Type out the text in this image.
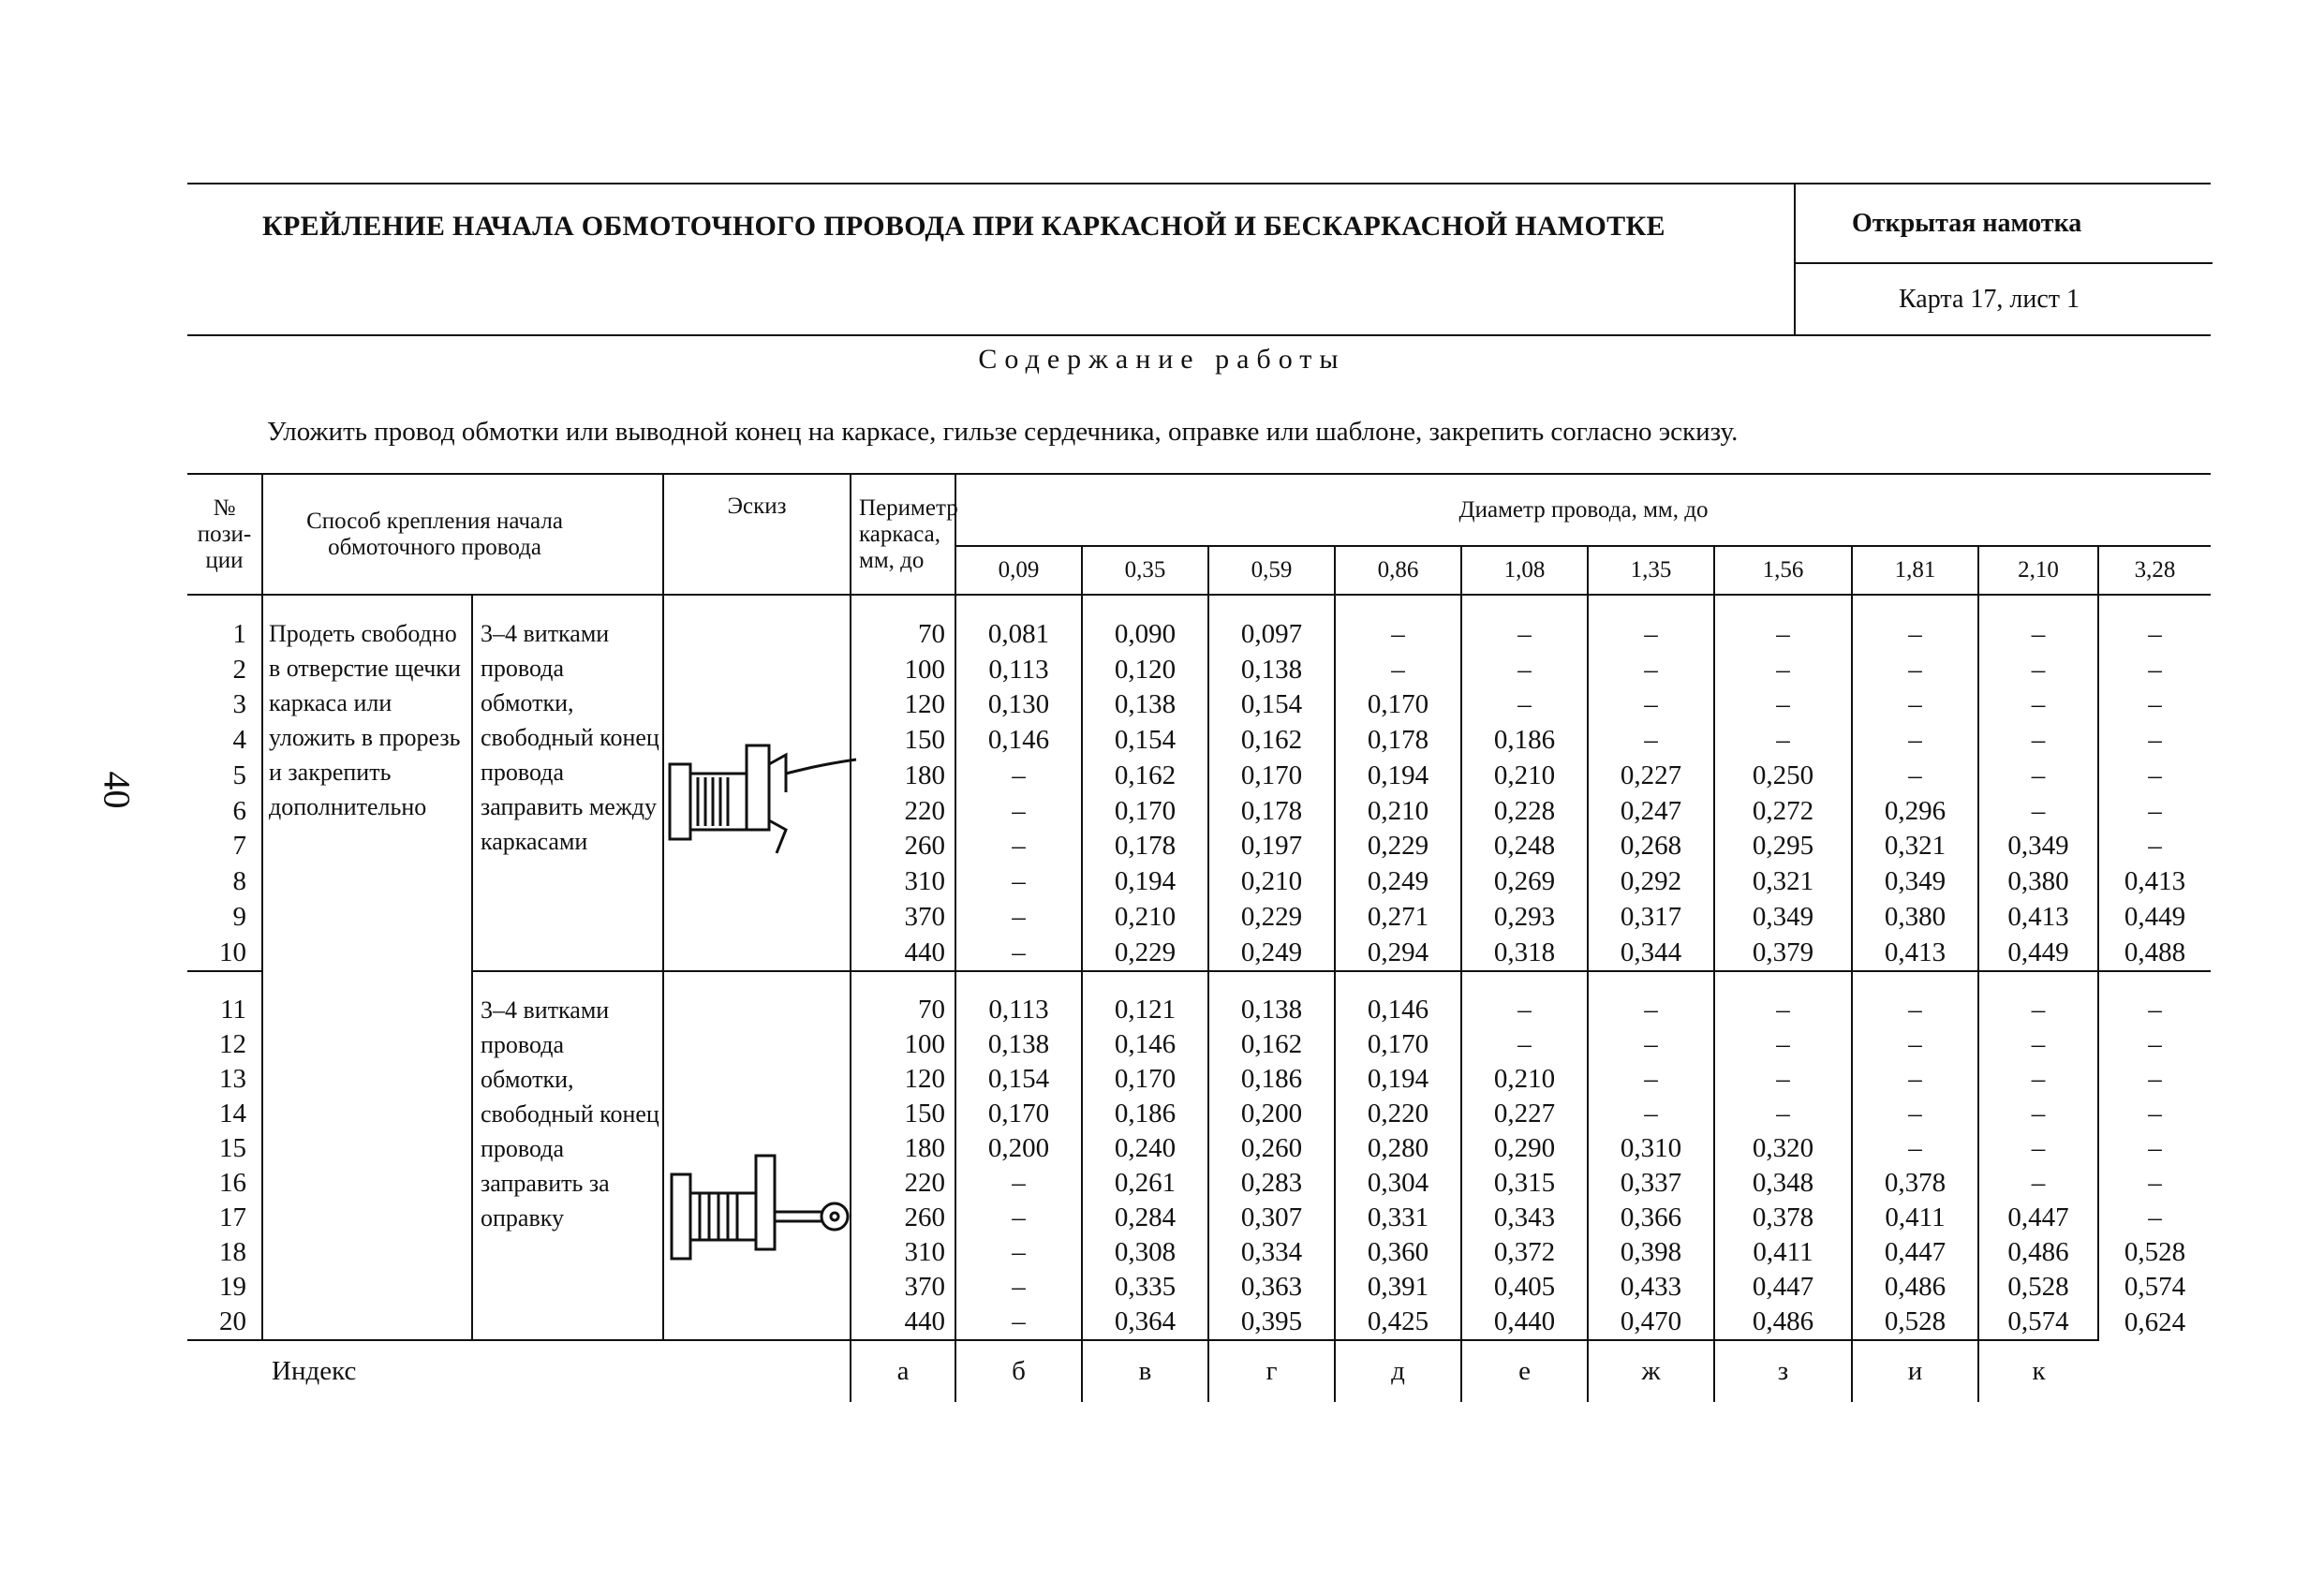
40
КРЕЙЛЕНИЕ НАЧАЛА ОБМОТОЧНОГО ПРОВОДА ПРИ КАРКАСНОЙ И БЕСКАРКАСНОЙ НАМОТКЕ	Открытая намотка
Карта 17, лист 1
Содержание работы
Уложить провод обмотки или выводной конец на каркасе, гильзе сердечника, оправке или шаблоне, закрепить согласно эскизу.
№ пози-ции	Способ крепления начала обмоточного провода		Эскиз	Периметр каркаса, мм, до	Диаметр провода, мм, до									
					0,09	0,35	0,59	0,86	1,08	1,35	1,56	1,81	2,10	3,28
1	Продеть свободно в отверстие щечки каркаса или уложить в прорезь и закрепить дополнительно	3–4 витками провода обмотки, свободный конец провода заправить между каркасами		70	0,081	0,090	0,097	–	–	–	–	–	–	–
2				100	0,113	0,120	0,138	–	–	–	–	–	–	–
3				120	0,130	0,138	0,154	0,170	–	–	–	–	–	–
4				150	0,146	0,154	0,162	0,178	0,186	–	–	–	–	–
5				180	–	0,162	0,170	0,194	0,210	0,227	0,250	–	–	–
6				220	–	0,170	0,178	0,210	0,228	0,247	0,272	0,296	–	–
7				260	–	0,178	0,197	0,229	0,248	0,268	0,295	0,321	0,349	–
8				310	–	0,194	0,210	0,249	0,269	0,292	0,321	0,349	0,380	0,413
9				370	–	0,210	0,229	0,271	0,293	0,317	0,349	0,380	0,413	0,449
10				440	–	0,229	0,249	0,294	0,318	0,344	0,379	0,413	0,449	0,488
11		3–4 витками провода обмотки, свободный конец провода заправить за оправку		70	0,113	0,121	0,138	0,146	–	–	–	–	–	–
12				100	0,138	0,146	0,162	0,170	–	–	–	–	–	–
13				120	0,154	0,170	0,186	0,194	0,210	–	–	–	–	–
14				150	0,170	0,186	0,200	0,220	0,227	–	–	–	–	–
15				180	0,200	0,240	0,260	0,280	0,290	0,310	0,320	–	–	–
16				220	–	0,261	0,283	0,304	0,315	0,337	0,348	0,378	–	–
17				260	–	0,284	0,307	0,331	0,343	0,366	0,378	0,411	0,447	–
18				310	–	0,308	0,334	0,360	0,372	0,398	0,411	0,447	0,486	0,528
19				370	–	0,335	0,363	0,391	0,405	0,433	0,447	0,486	0,528	0,574
20				440	–	0,364	0,395	0,425	0,440	0,470	0,486	0,528	0,574	0,624
Индекс				а	б	в	г	д	е	ж	з	и	к	
